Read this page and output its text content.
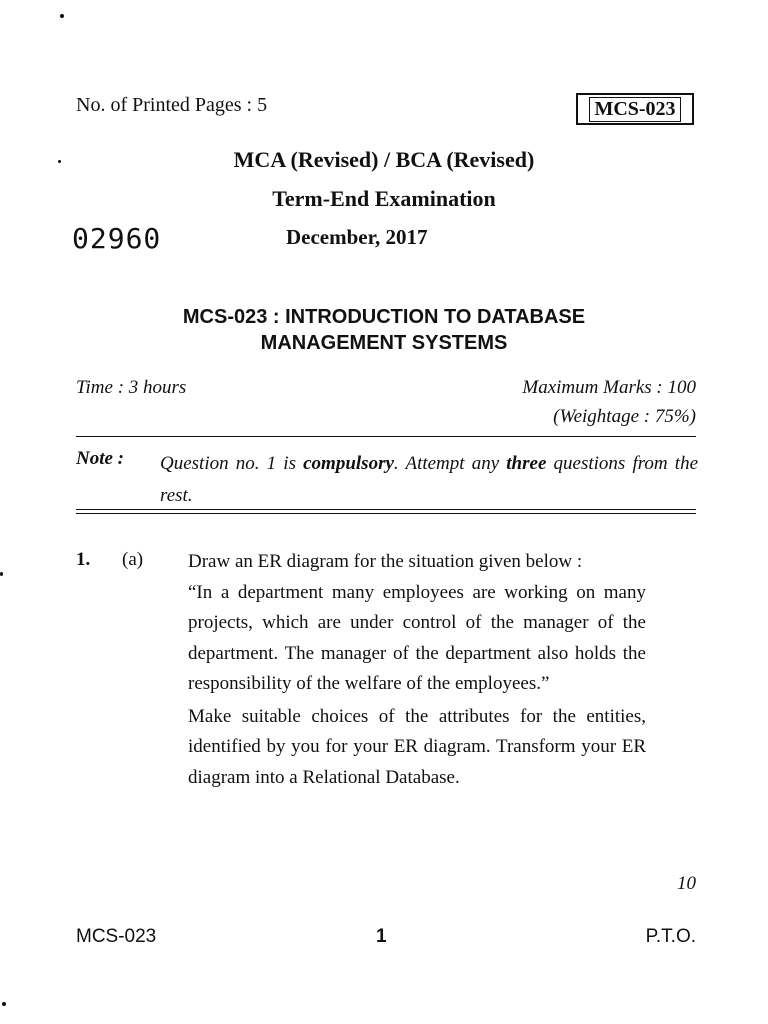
No. of Printed Pages : 5	MCS-023
MCA (Revised) / BCA (Revised)
Term-End Examination
02960	December, 2017
MCS-023 : INTRODUCTION TO DATABASE
MANAGEMENT SYSTEMS
Time : 3 hours	Maximum Marks : 100
(Weightage : 75%)
Note : Question no. 1 is compulsory. Attempt any three questions from the rest.
1. (a) Draw an ER diagram for the situation given below :

“In a department many employees are working on many projects, which are under control of the manager of the department. The manager of the department also holds the responsibility of the welfare of the employees.”

Make suitable choices of the attributes for the entities, identified by you for your ER diagram. Transform your ER diagram into a Relational Database.

10
MCS-023	1	P.T.O.
